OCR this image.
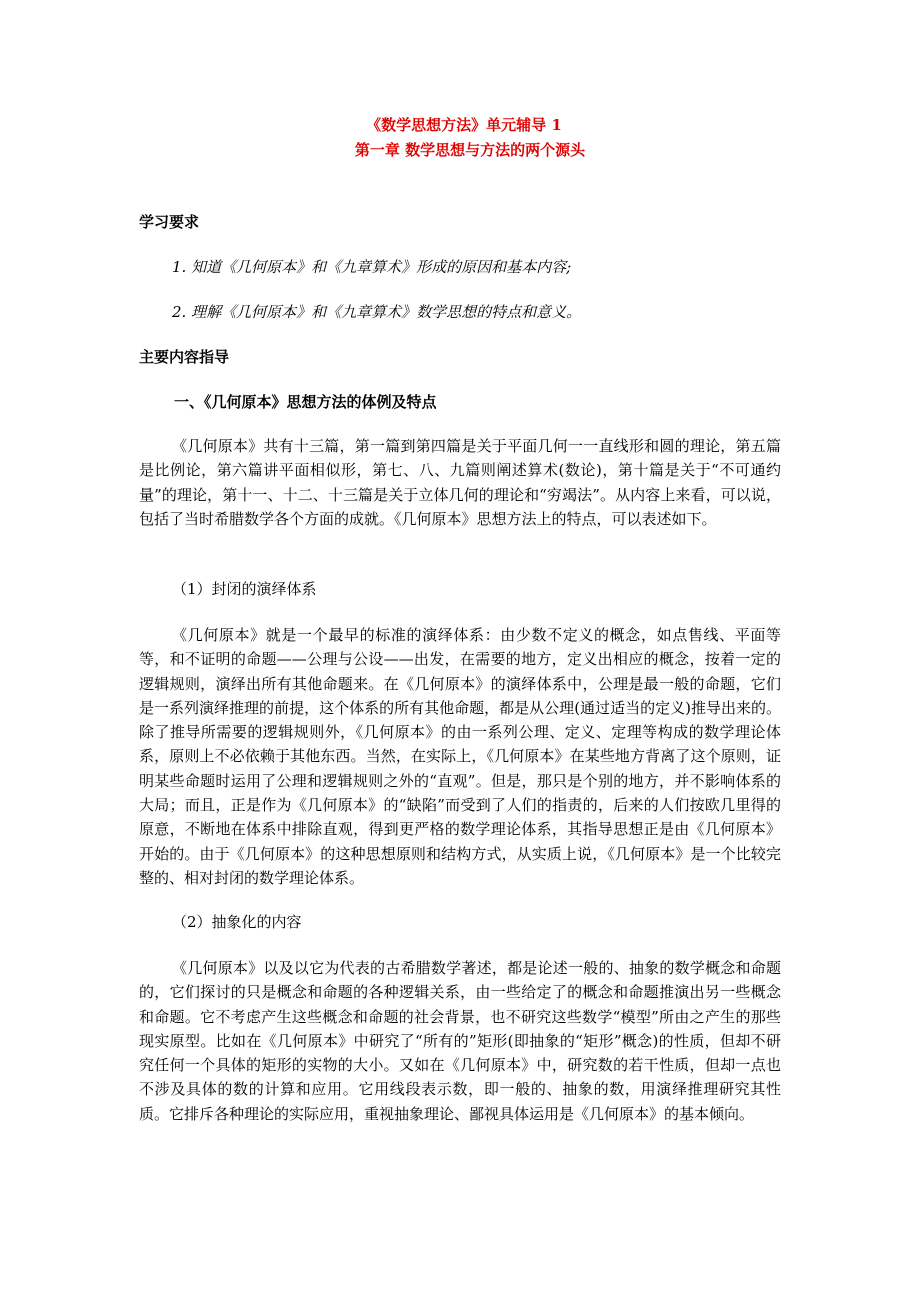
《数学思想方法》单元辅导 1
第一章 数学思想与方法的两个源头
学习要求
1. 知道《几何原本》和《九章算术》形成的原因和基本内容;
2. 理解《几何原本》和《九章算术》数学思想的特点和意义。
主要内容指导
一、《几何原本》思想方法的体例及特点

《几何原本》共有十三篇，第一篇到第四篇是关于平面几何一一直线形和圆的理论，第五篇是比例论，第六篇讲平面相似形，第七、八、九篇则阐述算术(数论)，第十篇是关于“不可通约量”的理论，第十一、十二、十三篇是关于立体几何的理论和“穷竭法”。从内容上来看，可以说，包括了当时希腊数学各个方面的成就。《几何原本》思想方法上的特点，可以表述如下。

（1）封闭的演绎体系

《几何原本》就是一个最早的标准的演绎体系：由少数不定义的概念，如点售线、平面等等，和不证明的命题——公理与公设——出发，在需要的地方，定义出相应的概念，按着一定的逻辑规则，演绎出所有其他命题来。在《几何原本》的演绎体系中，公理是最一般的命题，它们是一系列演绎推理的前提，这个体系的所有其他命题，都是从公理(通过适当的定义)推导出来的。除了推导所需要的逻辑规则外，《几何原本》的由一系列公理、定义、定理等构成的数学理论体系，原则上不必依赖于其他东西。当然，在实际上，《几何原本》在某些地方背离了这个原则，证明某些命题时运用了公理和逻辑规则之外的“直观”。但是，那只是个别的地方，并不影响体系的大局；而且，正是作为《几何原本》的“缺陷”而受到了人们的指责的，后来的人们按欧几里得的原意，不断地在体系中排除直观，得到更严格的数学理论体系，其指导思想正是由《几何原本》开始的。由于《几何原本》的这种思想原则和结构方式，从实质上说，《几何原本》是一个比较完整的、相对封闭的数学理论体系。

（2）抽象化的内容

《几何原本》以及以它为代表的古希腊数学著述，都是论述一般的、抽象的数学概念和命题的，它们探讨的只是概念和命题的各种逻辑关系，由一些给定了的概念和命题推演出另一些概念和命题。它不考虑产生这些概念和命题的社会背景，也不研究这些数学“模型”所由之产生的那些现实原型。比如在《几何原本》中研究了“所有的”矩形(即抽象的“矩形”概念)的性质，但却不研究任何一个具体的矩形的实物的大小。又如在《几何原本》中，研究数的若干性质，但却一点也不涉及具体的数的计算和应用。它用线段表示数，即一般的、抽象的数，用演绎推理研究其性质。它排斥各种理论的实际应用，重视抽象理论、鄙视具体运用是《几何原本》的基本倾向。
